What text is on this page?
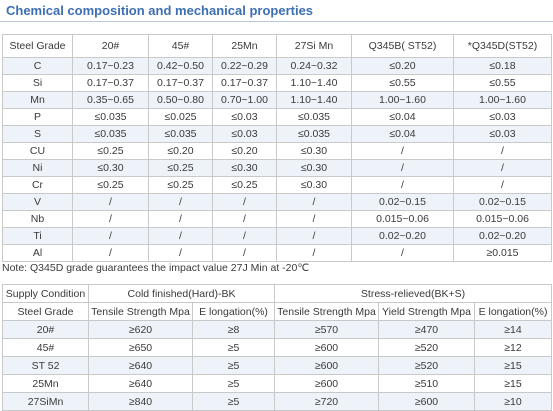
Chemical composition and mechanical properties
Steel Grade	20#	45#	25Mn	27Si Mn	Q345B( ST52)	*Q345D(ST52)
C	0.17~0.23	0.42~0.50	0.22~0.29	0.24~0.32	≤0.20	≤0.18
Si	0.17~0.37	0.17~0.37	0.17~0.37	1.10~1.40	≤0.55	≤0.55
Mn	0.35~0.65	0.50~0.80	0.70~1.00	1.10~1.40	1.00~1.60	1.00~1.60
P	≤0.035	≤0.025	≤0.03	≤0.035	≤0.04	≤0.03
S	≤0.035	≤0.035	≤0.03	≤0.035	≤0.04	≤0.03
CU	≤0.25	≤0.20	≤0.20	≤0.30	/	/
Ni	≤0.30	≤0.25	≤0.30	≤0.30	/	/
Cr	≤0.25	≤0.25	≤0.25	≤0.30	/	/
V	/	/	/	/	0.02~0.15	0.02~0.15
Nb	/	/	/	/	0.015~0.06	0.015~0.06
Ti	/	/	/	/	0.02~0.20	0.02~0.20
Al	/	/	/	/	/	≥0.015
Note: Q345D grade guarantees the impact value 27J Min at -20℃
Supply Condition	Cold finished(Hard)-BK		Stress-relieved(BK+S)		
Steel Grade	Tensile Strength Mpa	E longation(%)	Tensile Strength Mpa	Yield Strength Mpa	E longation(%)
20#	≥620	≥8	≥570	≥470	≥14
45#	≥650	≥5	≥600	≥520	≥12
ST 52	≥640	≥5	≥600	≥520	≥15
25Mn	≥640	≥5	≥600	≥510	≥15
27SiMn	≥840	≥5	≥720	≥600	≥10
